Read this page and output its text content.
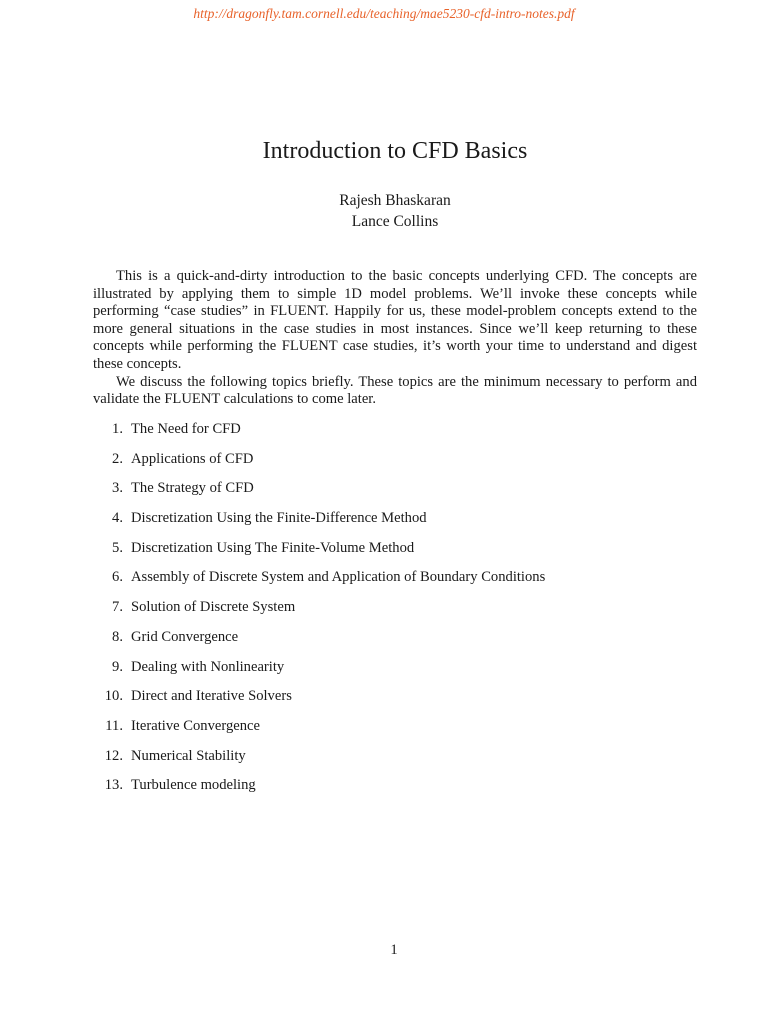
http://dragonfly.tam.cornell.edu/teaching/mae5230-cfd-intro-notes.pdf
Introduction to CFD Basics
Rajesh Bhaskaran
Lance Collins

This is a quick-and-dirty introduction to the basic concepts underlying CFD. The concepts are illustrated by applying them to simple 1D model problems. We’ll invoke these concepts while performing “case studies” in FLUENT. Happily for us, these model-problem concepts extend to the more general situations in the case studies in most instances. Since we’ll keep returning to these concepts while performing the FLUENT case studies, it’s worth your time to understand and digest these concepts.

We discuss the following topics briefly. These topics are the minimum necessary to perform and validate the FLUENT calculations to come later.

1. The Need for CFD
2. Applications of CFD
3. The Strategy of CFD
4. Discretization Using the Finite-Difference Method
5. Discretization Using The Finite-Volume Method
6. Assembly of Discrete System and Application of Boundary Conditions
7. Solution of Discrete System
8. Grid Convergence
9. Dealing with Nonlinearity
10. Direct and Iterative Solvers
11. Iterative Convergence
12. Numerical Stability
13. Turbulence modeling
1
